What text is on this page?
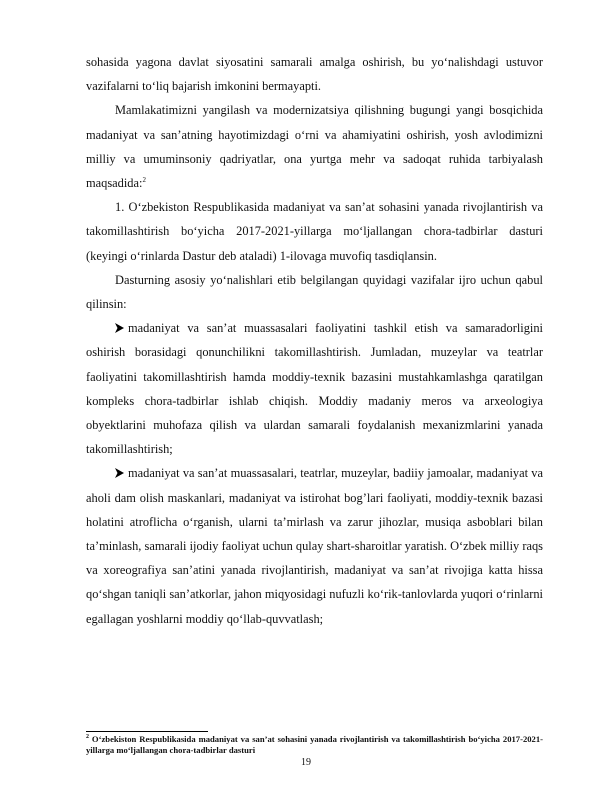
sohasida yagona davlat siyosatini samarali amalga oshirish, bu yo‘nalishdagi ustuvor vazifalarni to‘liq bajarish imkonini bermayapti.

Mamlakatimizni yangilash va modernizatsiya qilishning bugungi yangi bosqichida madaniyat va san’atning hayotimizdagi o‘rni va ahamiyatini oshirish, yosh avlodimizni milliy va umuminsoniy qadriyatlar, ona yurtga mehr va sadoqat ruhida tarbiyalash maqsadida:$^2$

1. O‘zbekiston Respublikasida madaniyat va san’at sohasini yanada rivojlantirish va takomillashtirish bo‘yicha 2017-2021-yillarga mo‘ljallangan chora-tadbirlar dasturi (keyingi o‘rinlarda Dastur deb ataladi) 1-ilovaga muvofiq tasdiqlansin.

Dasturning asosiy yo‘nalishlari etib belgilangan quyidagi vazifalar ijro uchun qabul qilinsin:

madaniyat va san’at muassasalari faoliyatini tashkil etish va samaradorligini oshirish borasidagi qonunchilikni takomillashtirish. Jumladan, muzeylar va teatrlar faoliyatini takomillashtirish hamda moddiy-texnik bazasini mustahkamlashga qaratilgan kompleks chora-tadbirlar ishlab chiqish. Moddiy madaniy meros va arxeologiya obyektlarini muhofaza qilish va ulardan samarali foydalanish mexanizmlarini yanada takomillashtirish;

madaniyat va san’at muassasalari, teatrlar, muzeylar, badiiy jamoalar, madaniyat va aholi dam olish maskanlari, madaniyat va istirohat bog’lari faoliyati, moddiy-texnik bazasi holatini atroflicha o‘rganish, ularni ta’mirlash va zarur jihozlar, musiqa asboblari bilan ta’minlash, samarali ijodiy faoliyat uchun qulay shart-sharoitlar yaratish. O‘zbek milliy raqs va xoreografiya san’atini yanada rivojlantirish, madaniyat va san’at rivojiga katta hissa qo‘shgan taniqli san’atkorlar, jahon miqyosidagi nufuzli ko‘rik-tanlovlarda yuqori o‘rinlarni egallagan yoshlarni moddiy qo‘llab-quvvatlash;

$^2$ O‘zbekiston Respublikasida madaniyat va san’at sohasini yanada rivojlantirish va takomillashtirish bo‘yicha 2017-2021-yillarga mo‘ljallangan chora-tadbirlar dasturi

19
